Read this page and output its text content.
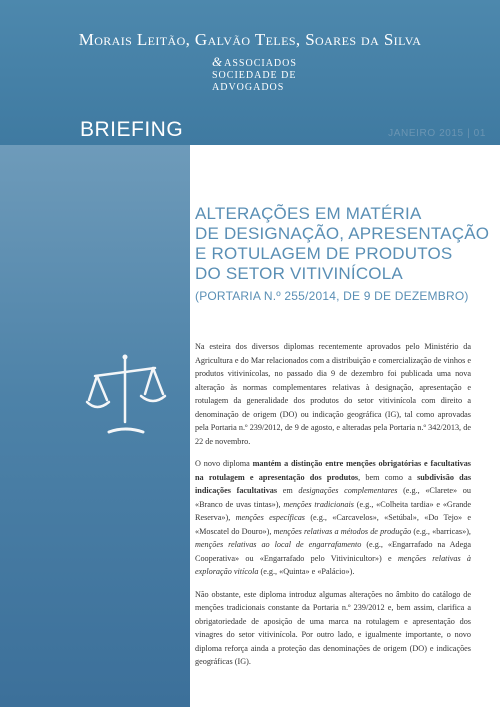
Morais Leitão, Galvão Teles, Soares da Silva
&ASSOCIADOS
SOCIEDADE DE
ADVOGADOS
BRIEFING	JANEIRO 2015 | 01
ALTERAÇÕES EM MATÉRIA
DE DESIGNAÇÃO, APRESENTAÇÃO
E ROTULAGEM DE PRODUTOS
DO SETOR VITIVINÍCOLA
(PORTARIA N.º 255/2014, DE 9 DE DEZEMBRO)

Na esteira dos diversos diplomas recentemente aprovados pelo Ministério da Agricultura e do Mar relacionados com a distribuição e comercialização de vinhos e produtos vitivinícolas, no passado dia 9 de dezembro foi publicada uma nova alteração às normas complementares relativas à designação, apresentação e rotulagem da generalidade dos produtos do setor vitivinícola com direito a denominação de origem (DO) ou indicação geográfica (IG), tal como aprovadas pela Portaria n.º 239/2012, de 9 de agosto, e alteradas pela Portaria n.º 342/2013, de 22 de novembro.

O novo diploma mantém a distinção entre menções obrigatórias e facultativas na rotulagem e apresentação dos produtos, bem como a subdivisão das indicações facultativas em designações complementares (e.g., «Clarete» ou «Branco de uvas tintas»), menções tradicionais (e.g., «Colheita tardia» e «Grande Reserva»), menções específicas (e.g., «Carcavelos», «Setúbal», «Do Tejo» e «Moscatel do Douro»), menções relativas a métodos de produção (e.g., «barricas»), menções relativas ao local de engarrafamento (e.g., «Engarrafado na Adega Cooperativa» ou «Engarrafado pelo Vitivinicultor») e menções relativas à exploração vitícola (e.g., «Quinta» e «Palácio»).

Não obstante, este diploma introduz algumas alterações no âmbito do catálogo de menções tradicionais constante da Portaria n.º 239/2012 e, bem assim, clarifica a obrigatoriedade de aposição de uma marca na rotulagem e apresentação dos vinagres do setor vitivinícola. Por outro lado, e igualmente importante, o novo diploma reforça ainda a proteção das denominações de origem (DO) e indicações geográficas (IG).
